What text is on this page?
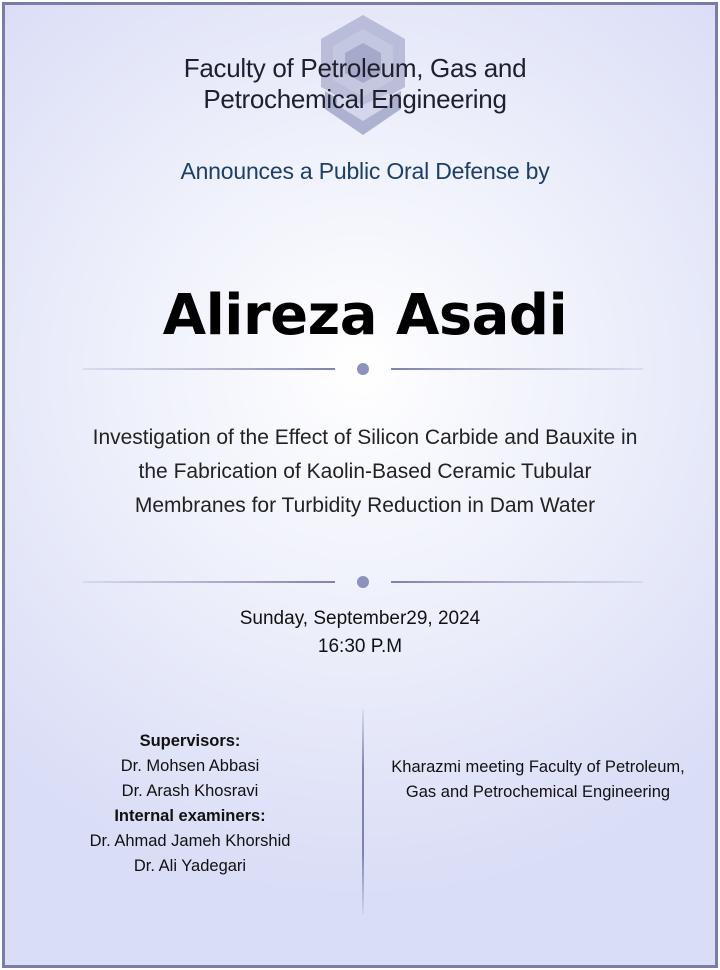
Faculty of Petroleum, Gas and
Petrochemical Engineering
Announces a Public Oral Defense by
Alireza Asadi
Investigation of the Effect of Silicon Carbide and Bauxite in the Fabrication of Kaolin-Based Ceramic Tubular Membranes for Turbidity Reduction in Dam Water
Sunday, September29, 2024
16:30 P.M
Supervisors:
Dr. Mohsen Abbasi
Dr. Arash Khosravi
Internal examiners:
Dr. Ahmad Jameh Khorshid
Dr. Ali Yadegari
Kharazmi meeting Faculty of Petroleum, Gas and Petrochemical Engineering
